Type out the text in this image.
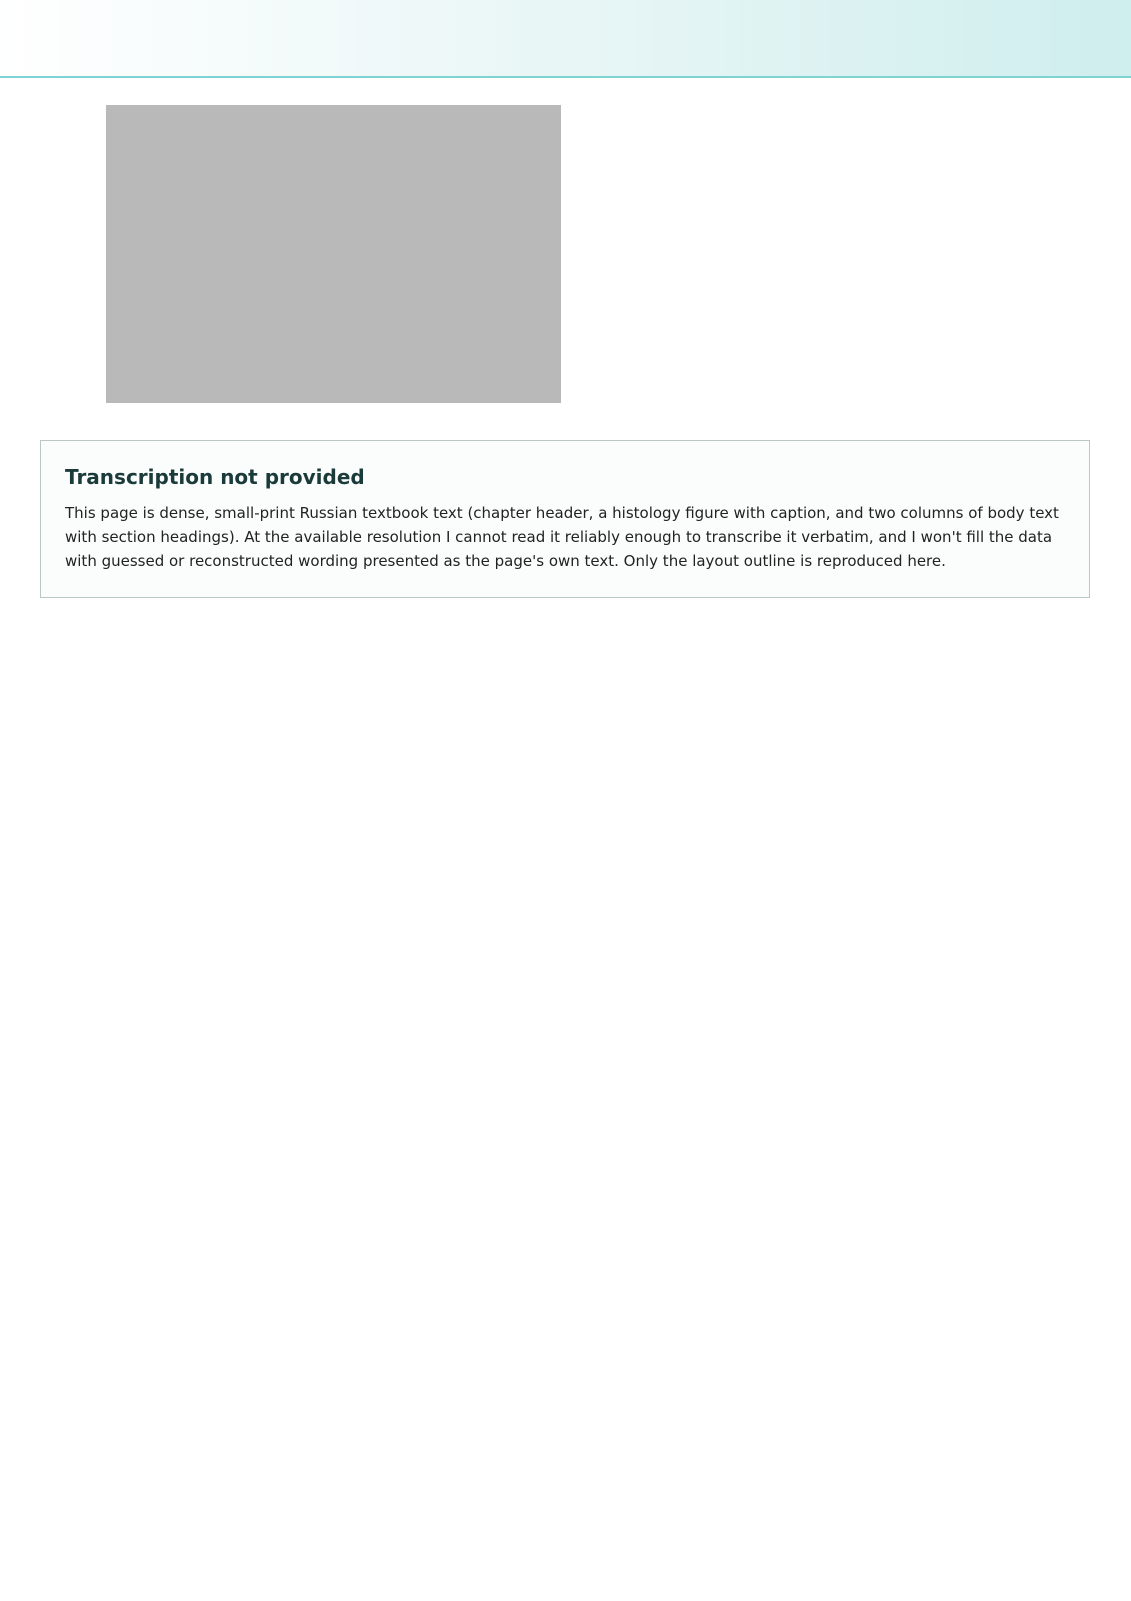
Transcription not provided

This page is dense, small-print Russian textbook text (chapter header, a histology figure with caption, and two columns of body text with section headings). At the available resolution I cannot read it reliably enough to transcribe it verbatim, and I won't fill the data with guessed or reconstructed wording presented as the page's own text. Only the layout outline is reproduced here.
